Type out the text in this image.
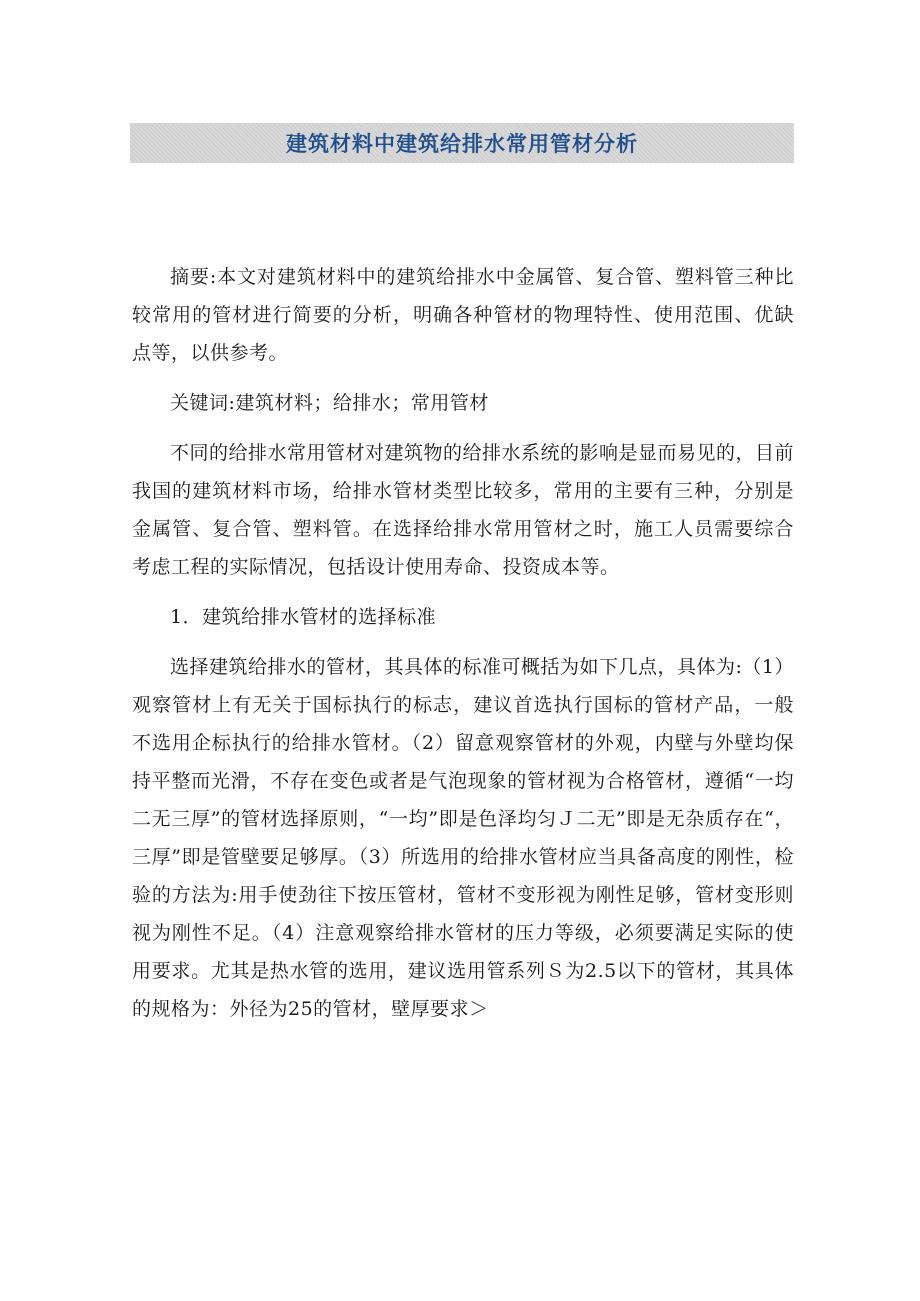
建筑材料中建筑给排水常用管材分析

摘要:本文对建筑材料中的建筑给排水中金属管、复合管、塑料管三种比较常用的管材进行简要的分析，明确各种管材的物理特性、使用范围、优缺点等，以供参考。

关键词:建筑材料；给排水；常用管材

不同的给排水常用管材对建筑物的给排水系统的影响是显而易见的，目前我国的建筑材料市场，给排水管材类型比较多，常用的主要有三种，分别是金属管、复合管、塑料管。在选择给排水常用管材之时，施工人员需要综合考虑工程的实际情况，包括设计使用寿命、投资成本等。

1．建筑给排水管材的选择标准

选择建筑给排水的管材，其具体的标准可概括为如下几点，具体为:（1）观察管材上有无关于国标执行的标志，建议首选执行国标的管材产品，一般不选用企标执行的给排水管材。（2）留意观察管材的外观，内壁与外壁均保持平整而光滑，不存在变色或者是气泡现象的管材视为合格管材，遵循“一均二无三厚”的管材选择原则，“一均”即是色泽均匀Ｊ二无”即是无杂质存在“，三厚”即是管壁要足够厚。（3）所选用的给排水管材应当具备高度的刚性，检验的方法为:用手使劲往下按压管材，管材不变形视为刚性足够，管材变形则视为刚性不足。（4）注意观察给排水管材的压力等级，必须要满足实际的使用要求。尤其是热水管的选用，建议选用管系列Ｓ为2.5以下的管材，其具体的规格为：外径为25的管材，壁厚要求＞
